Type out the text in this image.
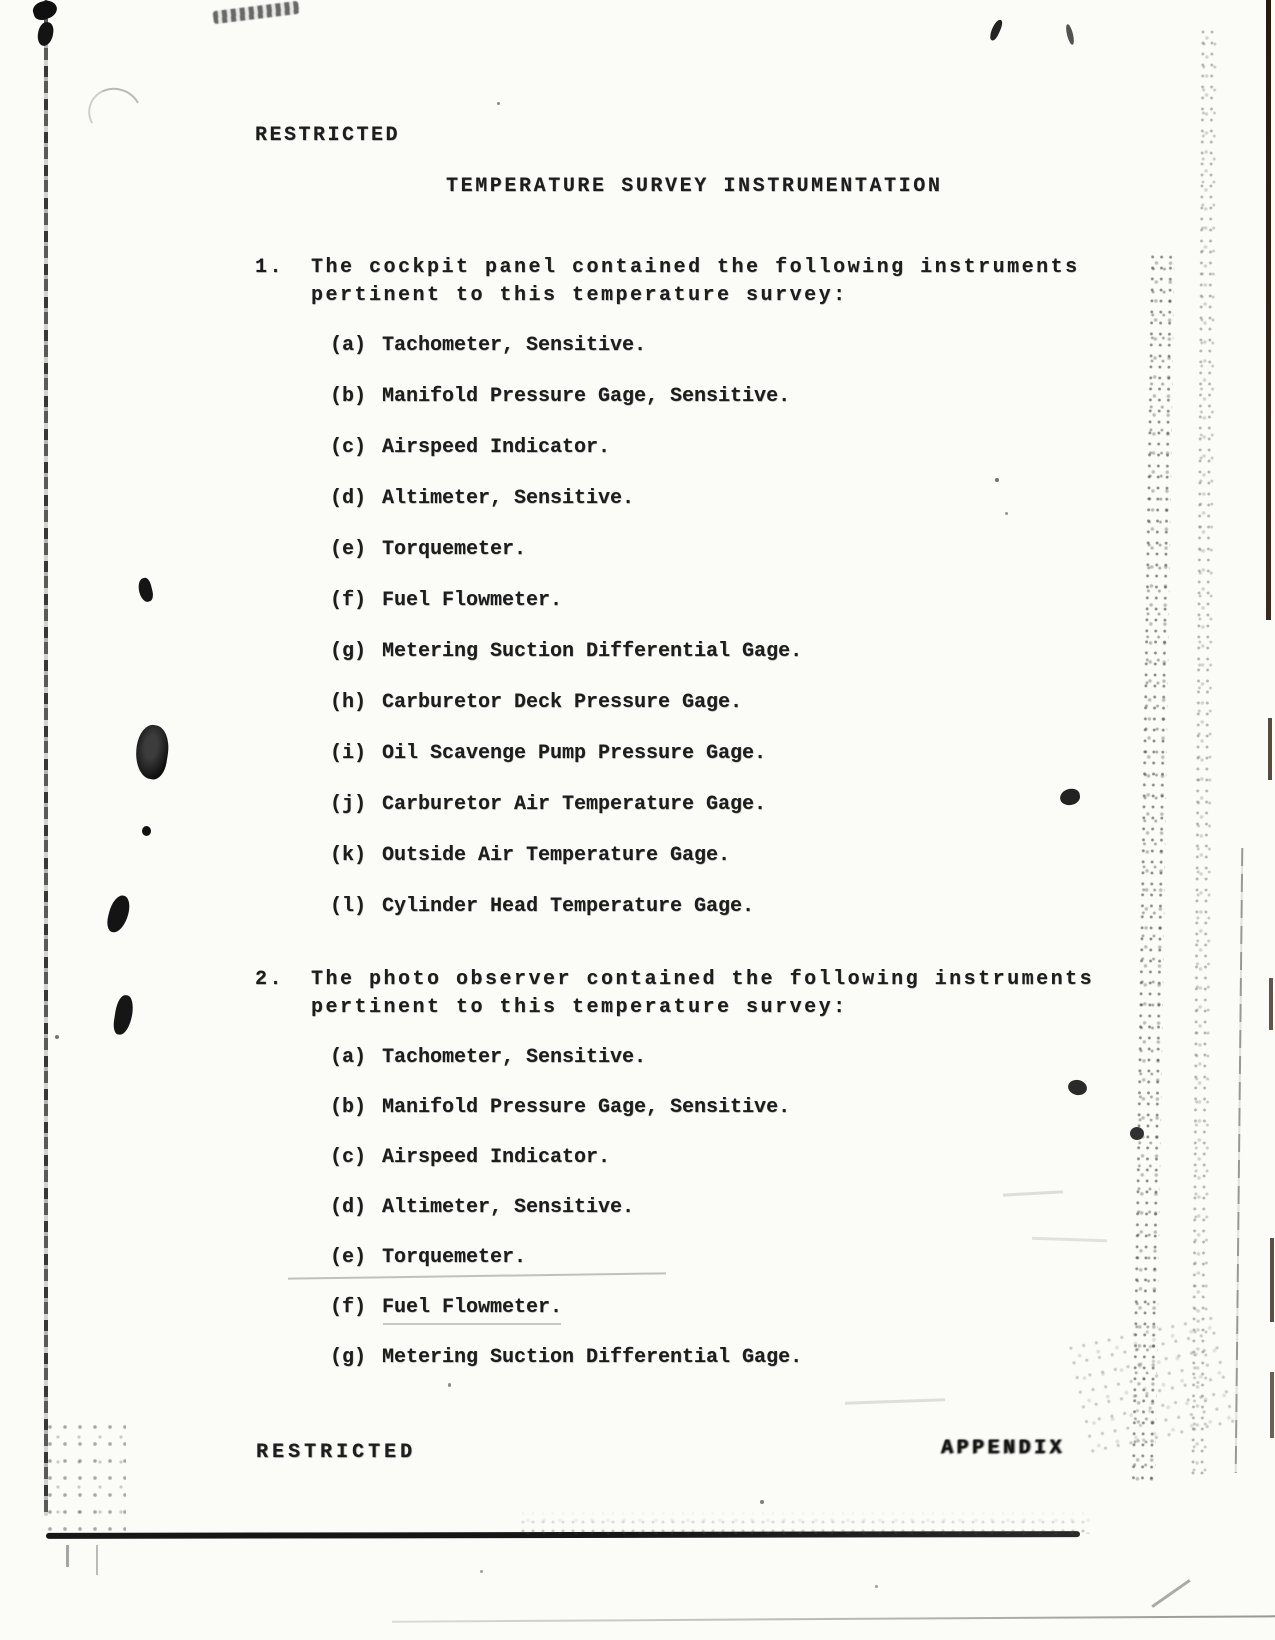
RESTRICTED
TEMPERATURE SURVEY INSTRUMENTATION
1.	The cockpit panel contained the following instruments
pertinent to this temperature survey:
(a) Tachometer, Sensitive.
(b) Manifold Pressure Gage, Sensitive.
(c) Airspeed Indicator.
(d) Altimeter, Sensitive.
(e) Torquemeter.
(f) Fuel Flowmeter.
(g) Metering Suction Differential Gage.
(h) Carburetor Deck Pressure Gage.
(i) Oil Scavenge Pump Pressure Gage.
(j) Carburetor Air Temperature Gage.
(k) Outside Air Temperature Gage.
(l) Cylinder Head Temperature Gage.
2.	The photo observer contained the following instruments
pertinent to this temperature survey:
(a) Tachometer, Sensitive.
(b) Manifold Pressure Gage, Sensitive.
(c) Airspeed Indicator.
(d) Altimeter, Sensitive.
(e) Torquemeter.
(f) Fuel Flowmeter.
(g) Metering Suction Differential Gage.
RESTRICTED	APPENDIX
